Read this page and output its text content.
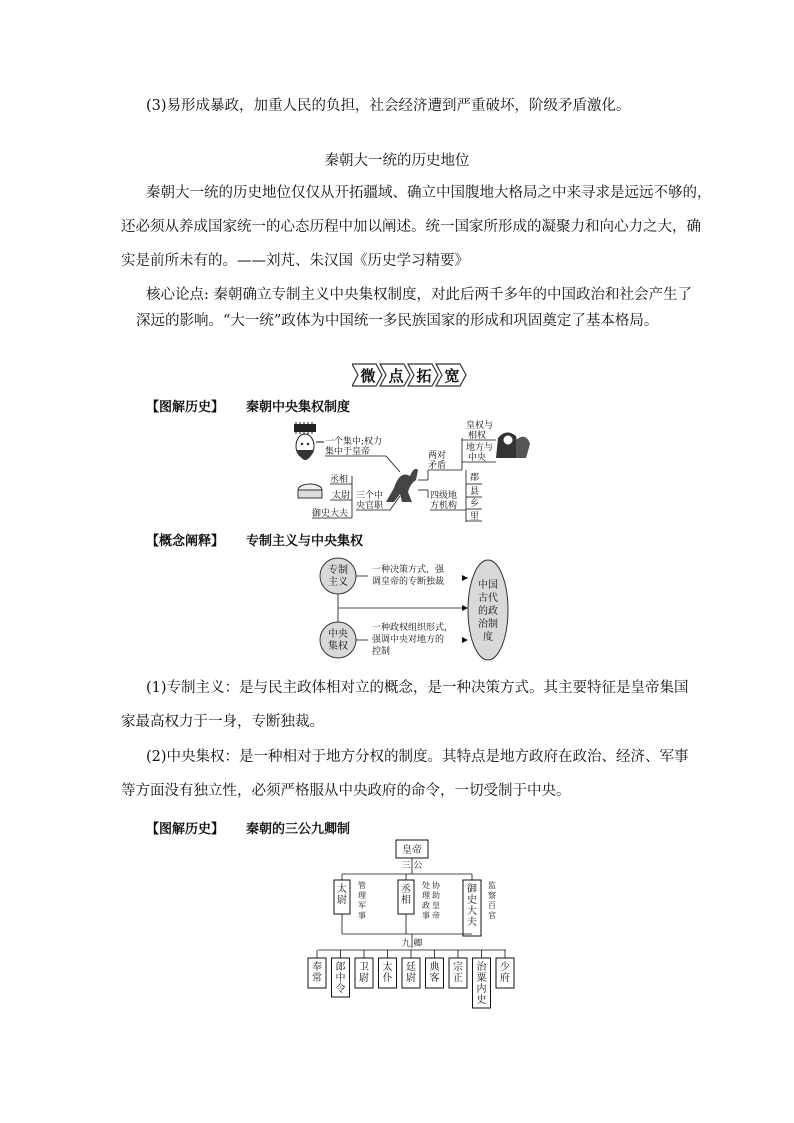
(3)易形成暴政，加重人民的负担，社会经济遭到严重破坏，阶级矛盾激化。
秦朝大一统的历史地位
秦朝大一统的历史地位仅仅从开拓疆域、确立中国腹地大格局之中来寻求是远远不够的，
还必须从养成国家统一的心态历程中加以阐述。统一国家所形成的凝聚力和向心力之大，确
实是前所未有的。——刘芃、朱汉国《历史学习精要》
核心论点: 秦朝确立专制主义中央集权制度，对此后两千多年的中国政治和社会产生了
深远的影响。“大一统”政体为中国统一多民族国家的形成和巩固奠定了基本格局。
微 点 拓 宽
【图解历史】 秦朝中央集权制度
一个集中;权力
集中于皇帝
丞相
太尉
御史大夫
三个中
央官职
两对
矛盾
皇权与
相权
地方与
中央
四级地
方机构
郡
县
乡
里
【概念阐释】 专制主义与中央集权
专制
主义
中央
集权
一种决策方式，强
调皇帝的专断独裁
一种政权组织形式，
强调中央对地方的
控制
中国
古代
的政
治制
度
(1)专制主义：是与民主政体相对立的概念，是一种决策方式。其主要特征是皇帝集国
家最高权力于一身，专断独裁。
(2)中央集权：是一种相对于地方分权的制度。其特点是地方政府在政治、经济、军事
等方面没有独立性，必须严格服从中央政府的命令，一切受制于中央。
【图解历史】 秦朝的三公九卿制
皇帝
三 公
太
尉
管
理
军
事
丞
相
处
理
政
事
御
史
大
夫
监
察
百
官
协
助
皇
帝
九 卿
奉
常
郎
中
令
卫
尉
太
仆
廷
尉
典
客
宗
正
治
粟
内
史
少
府
